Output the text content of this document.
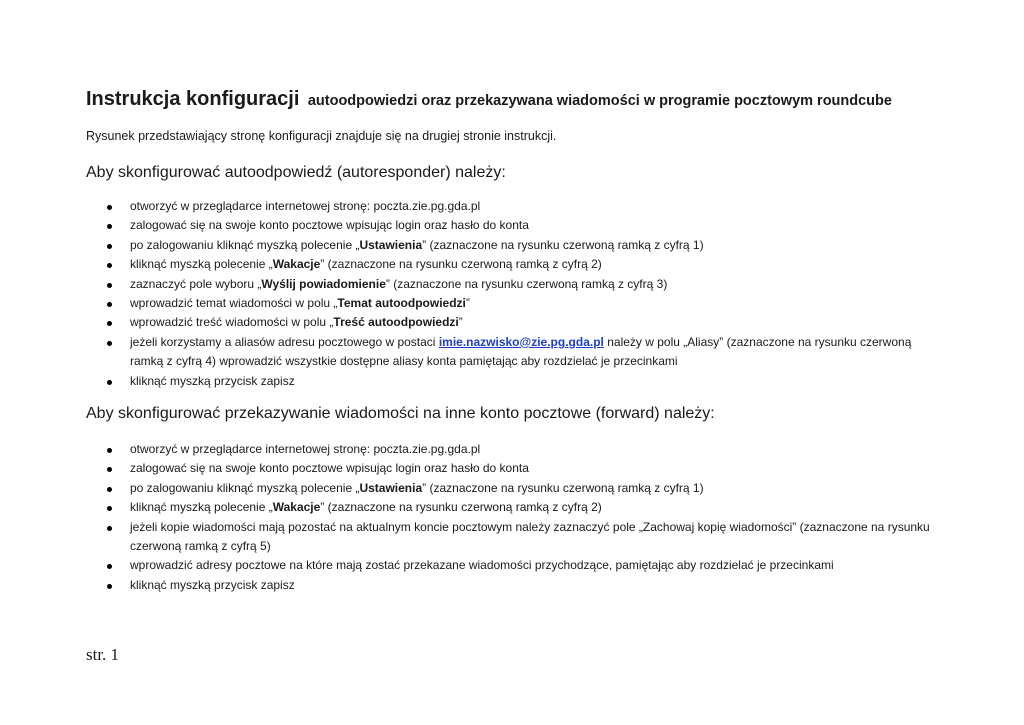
Instrukcja konfiguracji autoodpowiedzi oraz przekazywana wiadomości w programie pocztowym roundcube
Rysunek przedstawiający stronę konfiguracji znajduje się na drugiej stronie instrukcji.
Aby skonfigurować autoodpowiedź (autoresponder) należy:
otworzyć w przeglądarce internetowej stronę: poczta.zie.pg.gda.pl
zalogować się na swoje konto pocztowe wpisując login oraz hasło do konta
po zalogowaniu kliknąć myszką polecenie „Ustawienia” (zaznaczone na rysunku czerwoną ramką z cyfrą 1)
kliknąć myszką polecenie „Wakacje” (zaznaczone na rysunku czerwoną ramką z cyfrą 2)
zaznaczyć pole wyboru „Wyślij powiadomienie” (zaznaczone na rysunku czerwoną ramką z cyfrą 3)
wprowadzić temat wiadomości w polu „Temat autoodpowiedzi”
wprowadzić treść wiadomości w polu „Treść autoodpowiedzi”
jeżeli korzystamy a aliasów adresu pocztowego w postaci imie.nazwisko@zie.pg.gda.pl należy w polu „Aliasy” (zaznaczone na rysunku czerwoną ramką z cyfrą 4) wprowadzić wszystkie dostępne aliasy konta pamiętając aby rozdzielać je przecinkami
kliknąć myszką przycisk zapisz
Aby skonfigurować przekazywanie wiadomości na inne konto pocztowe (forward) należy:
otworzyć w przeglądarce internetowej stronę: poczta.zie.pg.gda.pl
zalogować się na swoje konto pocztowe wpisując login oraz hasło do konta
po zalogowaniu kliknąć myszką polecenie „Ustawienia” (zaznaczone na rysunku czerwoną ramką z cyfrą 1)
kliknąć myszką polecenie „Wakacje” (zaznaczone na rysunku czerwoną ramką z cyfrą 2)
jeżeli kopie wiadomości mają pozostać na aktualnym koncie pocztowym należy zaznaczyć pole „Zachowaj kopię wiadomości” (zaznaczone na rysunku czerwoną ramką z cyfrą 5)
wprowadzić adresy pocztowe na które mają zostać przekazane wiadomości przychodzące, pamiętając aby rozdzielać je przecinkami
kliknąć myszką przycisk zapisz
str. 1
